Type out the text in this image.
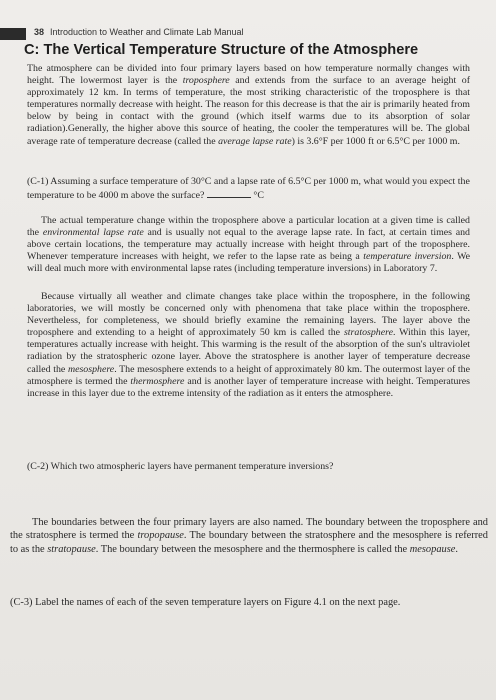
38 Introduction to Weather and Climate Lab Manual
C: The Vertical Temperature Structure of the Atmosphere
The atmosphere can be divided into four primary layers based on how temperature normally changes with height. The lowermost layer is the troposphere and extends from the surface to an average height of approximately 12 km. In terms of temperature, the most striking characteristic of the troposphere is that temperatures normally decrease with height. The reason for this decrease is that the air is primarily heated from below by being in contact with the ground (which itself warms due to its absorption of solar radiation).Generally, the higher above this source of heating, the cooler the temperatures will be. The global average rate of temperature decrease (called the average lapse rate) is 3.6°F per 1000 ft or 6.5°C per 1000 m.
(C-1) Assuming a surface temperature of 30°C and a lapse rate of 6.5°C per 1000 m, what would you expect the temperature to be 4000 m above the surface?	°C
The actual temperature change within the troposphere above a particular location at a given time is called the environmental lapse rate and is usually not equal to the average lapse rate. In fact, at certain times and above certain locations, the temperature may actually increase with height through part of the troposphere. Whenever temperature increases with height, we refer to the lapse rate as being a temperature inversion. We will deal much more with environmental lapse rates (including temperature inversions) in Laboratory 7.
Because virtually all weather and climate changes take place within the troposphere, in the following laboratories, we will mostly be concerned only with phenomena that take place within the troposphere. Nevertheless, for completeness, we should briefly examine the remaining layers. The layer above the troposphere and extending to a height of approximately 50 km is called the stratosphere. Within this layer, temperatures actually increase with height. This warming is the result of the absorption of the sun's ultraviolet radiation by the stratospheric ozone layer. Above the stratosphere is another layer of temperature decrease called the mesosphere. The mesosphere extends to a height of approximately 80 km. The outermost layer of the atmosphere is termed the thermosphere and is another layer of temperature increase with height. Temperatures increase in this layer due to the extreme intensity of the radiation as it enters the atmosphere.
(C-2) Which two atmospheric layers have permanent temperature inversions?
The boundaries between the four primary layers are also named. The boundary between the troposphere and the stratosphere is termed the tropopause. The boundary between the stratosphere and the mesosphere is referred to as the stratopause. The boundary between the mesosphere and the thermosphere is called the mesopause.
(C-3) Label the names of each of the seven temperature layers on Figure 4.1 on the next page.
